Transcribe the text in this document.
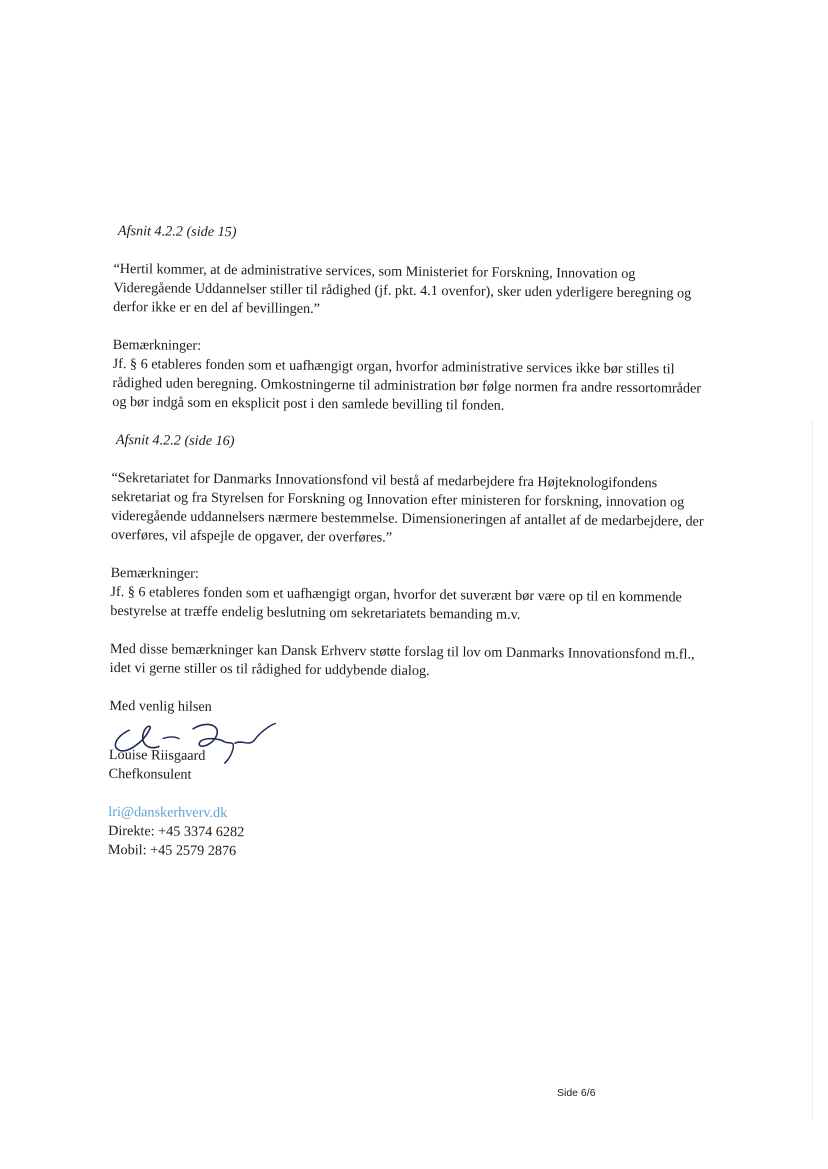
Afsnit 4.2.2 (side 15)

“Hertil kommer, at de administrative services, som Ministeriet for Forskning, Innovation og Videregående Uddannelser stiller til rådighed (jf. pkt. 4.1 ovenfor), sker uden yderligere beregning og derfor ikke er en del af bevillingen.”

Bemærkninger:

Jf. § 6 etableres fonden som et uafhængigt organ, hvorfor administrative services ikke bør stilles til rådighed uden beregning. Omkostningerne til administration bør følge normen fra andre ressortområder og bør indgå som en eksplicit post i den samlede bevilling til fonden.

Afsnit 4.2.2 (side 16)

“Sekretariatet for Danmarks Innovationsfond vil bestå af medarbejdere fra Højteknologifondens sekretariat og fra Styrelsen for Forskning og Innovation efter ministeren for forskning, innovation og videregående uddannelsers nærmere bestemmelse. Dimensioneringen af antallet af de medarbejdere, der overføres, vil afspejle de opgaver, der overføres.”

Bemærkninger:

Jf. § 6 etableres fonden som et uafhængigt organ, hvorfor det suverænt bør være op til en kommende bestyrelse at træffe endelig beslutning om sekretariatets bemanding m.v.

Med disse bemærkninger kan Dansk Erhverv støtte forslag til lov om Danmarks Innovationsfond m.fl., idet vi gerne stiller os til rådighed for uddybende dialog.

Med venlig hilsen
Louise Riisgaard
Chefkonsulent
lri@danskerhverv.dk
Direkte: +45 3374 6282
Mobil: +45 2579 2876
Side 6/6
